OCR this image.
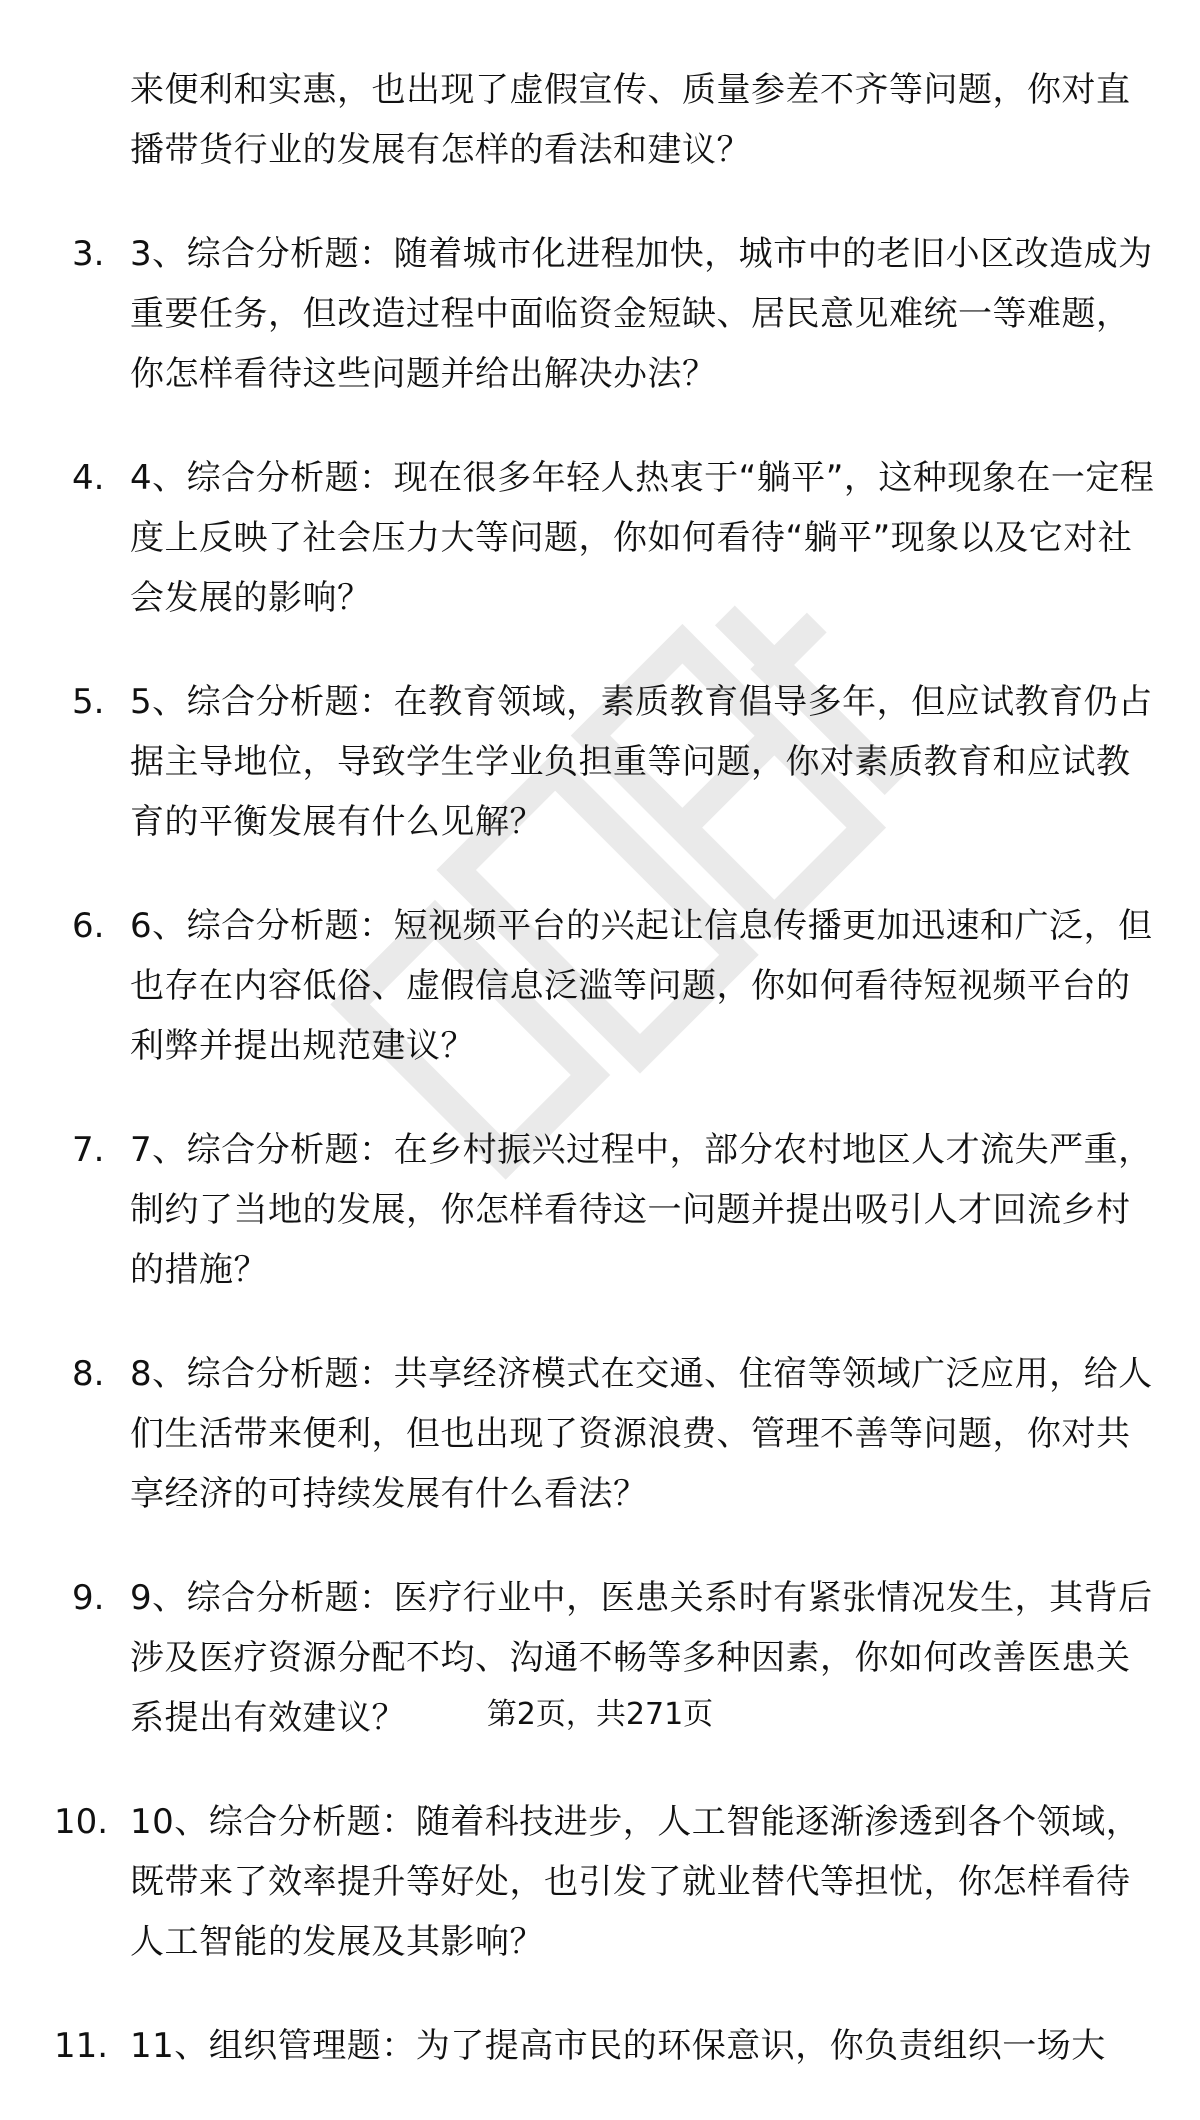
来便利和实惠，也出现了虚假宣传、质量参差不齐等问题，你对直播带货行业的发展有怎样的看法和建议？
3. 3、综合分析题：随着城市化进程加快，城市中的老旧小区改造成为重要任务，但改造过程中面临资金短缺、居民意见难统一等难题，你怎样看待这些问题并给出解决办法？
4. 4、综合分析题：现在很多年轻人热衷于“躺平”，这种现象在一定程度上反映了社会压力大等问题，你如何看待“躺平”现象以及它对社会发展的影响？
5. 5、综合分析题：在教育领域，素质教育倡导多年，但应试教育仍占据主导地位，导致学生学业负担重等问题，你对素质教育和应试教育的平衡发展有什么见解？
6. 6、综合分析题：短视频平台的兴起让信息传播更加迅速和广泛，但也存在内容低俗、虚假信息泛滥等问题，你如何看待短视频平台的利弊并提出规范建议？
7. 7、综合分析题：在乡村振兴过程中，部分农村地区人才流失严重，制约了当地的发展，你怎样看待这一问题并提出吸引人才回流乡村的措施？
8. 8、综合分析题：共享经济模式在交通、住宿等领域广泛应用，给人们生活带来便利，但也出现了资源浪费、管理不善等问题，你对共享经济的可持续发展有什么看法？
9. 9、综合分析题：医疗行业中，医患关系时有紧张情况发生，其背后涉及医疗资源分配不均、沟通不畅等多种因素，你如何改善医患关系提出有效建议？
10. 10、综合分析题：随着科技进步，人工智能逐渐渗透到各个领域，既带来了效率提升等好处，也引发了就业替代等担忧，你怎样看待人工智能的发展及其影响？
11. 11、组织管理题：为了提高市民的环保意识，你负责组织一场大
第2页，共271页
